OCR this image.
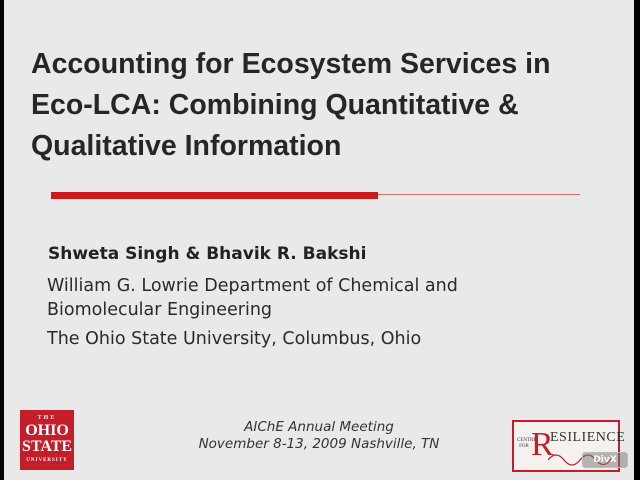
Accounting for Ecosystem Services in
Eco-LCA: Combining Quantitative &
Qualitative Information
Shweta Singh & Bhavik R. Bakshi
William G. Lowrie Department of Chemical and
Biomolecular Engineering
The Ohio State University, Columbus, Ohio
THE
OHIO
STATE
UNIVERSITY
AIChE Annual Meeting
November 8-13, 2009 Nashville, TN	CENTRE FOR R
ESILIENCE
DivX
